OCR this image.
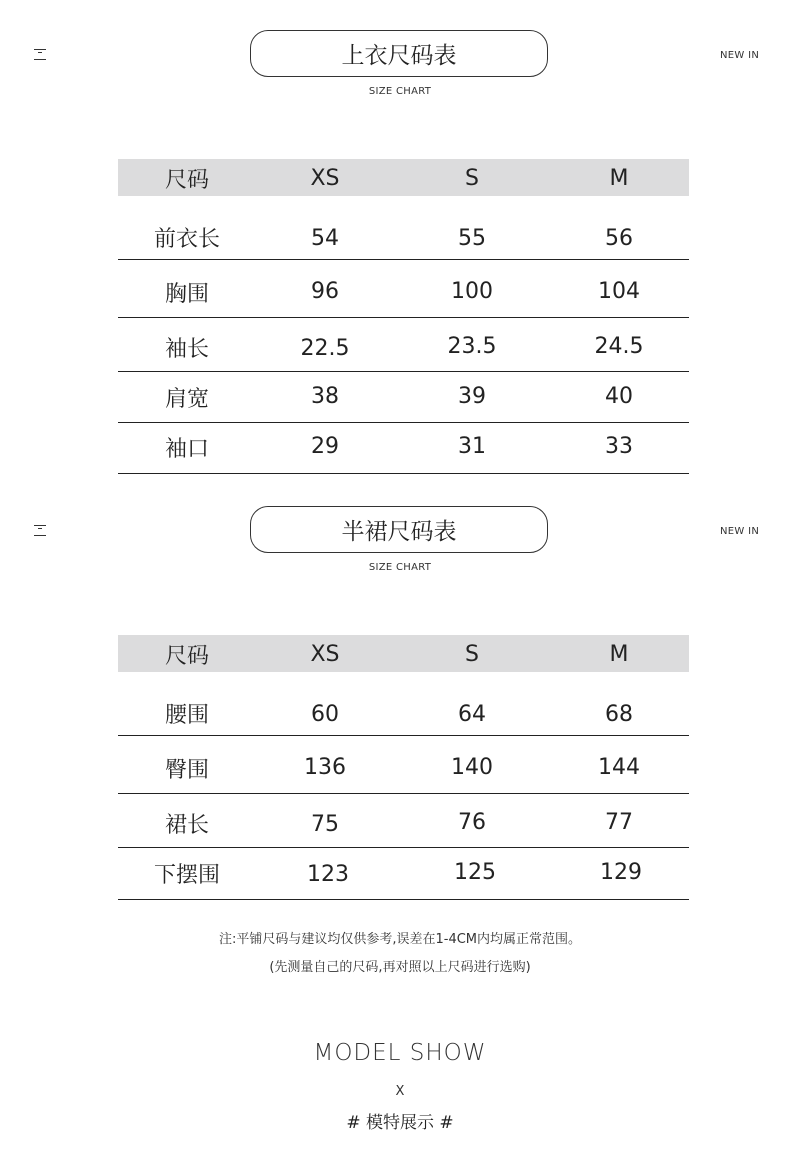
上衣尺码表
SIZE CHART
NEW IN
尺码	XS	S	M
前衣长	54	55	56
胸围	96	100	104
袖长	22.5	23.5	24.5
肩宽	38	39	40
袖口	29	31	33
半裙尺码表
SIZE CHART
NEW IN
尺码	XS	S	M
腰围	60	64	68
臀围	136	140	144
裙长	75	76	77
下摆围	123	125	129
注:平铺尺码与建议均仅供参考,误差在1-4CM内均属正常范围。
(先测量自己的尺码,再对照以上尺码进行选购)
MODEL SHOW
X
# 模特展示 #
